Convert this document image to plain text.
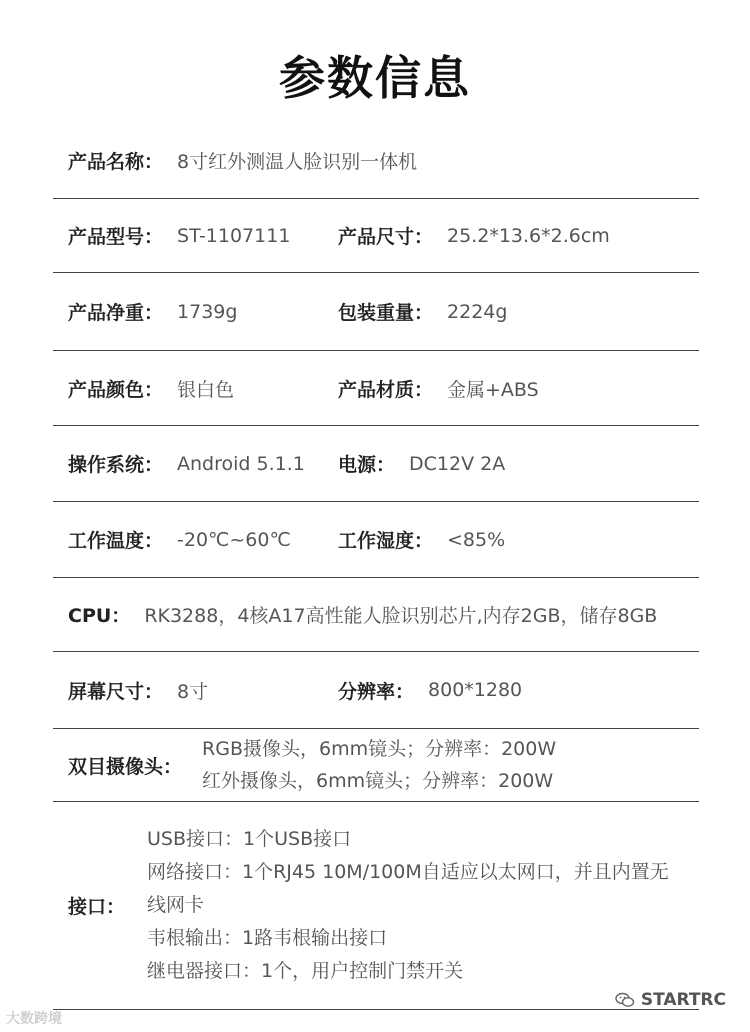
参数信息
产品名称： 8寸红外测温人脸识别一体机
产品型号： ST-1107111	产品尺寸： 25.2*13.6*2.6cm
产品净重： 1739g	包装重量： 2224g
产品颜色： 银白色	产品材质： 金属+ABS
操作系统： Android 5.1.1 电源： DC12V 2A
工作温度： -20℃~60℃ 工作湿度： <85%
CPU： RK3288，4核A17高性能人脸识别芯片,内存2GB，储存8GB
屏幕尺寸： 8寸	分辨率： 800*1280
双目摄像头：
RGB摄像头，6mm镜头；分辨率：200W
红外摄像头，6mm镜头；分辨率：200W
接口：
USB接口：1个USB接口
网络接口：1个RJ45 10M/100M自适应以太网口，并且内置无线网卡
韦根输出：1路韦根输出接口
继电器接口：1个，用户控制门禁开关
大数跨境
STARTRC
